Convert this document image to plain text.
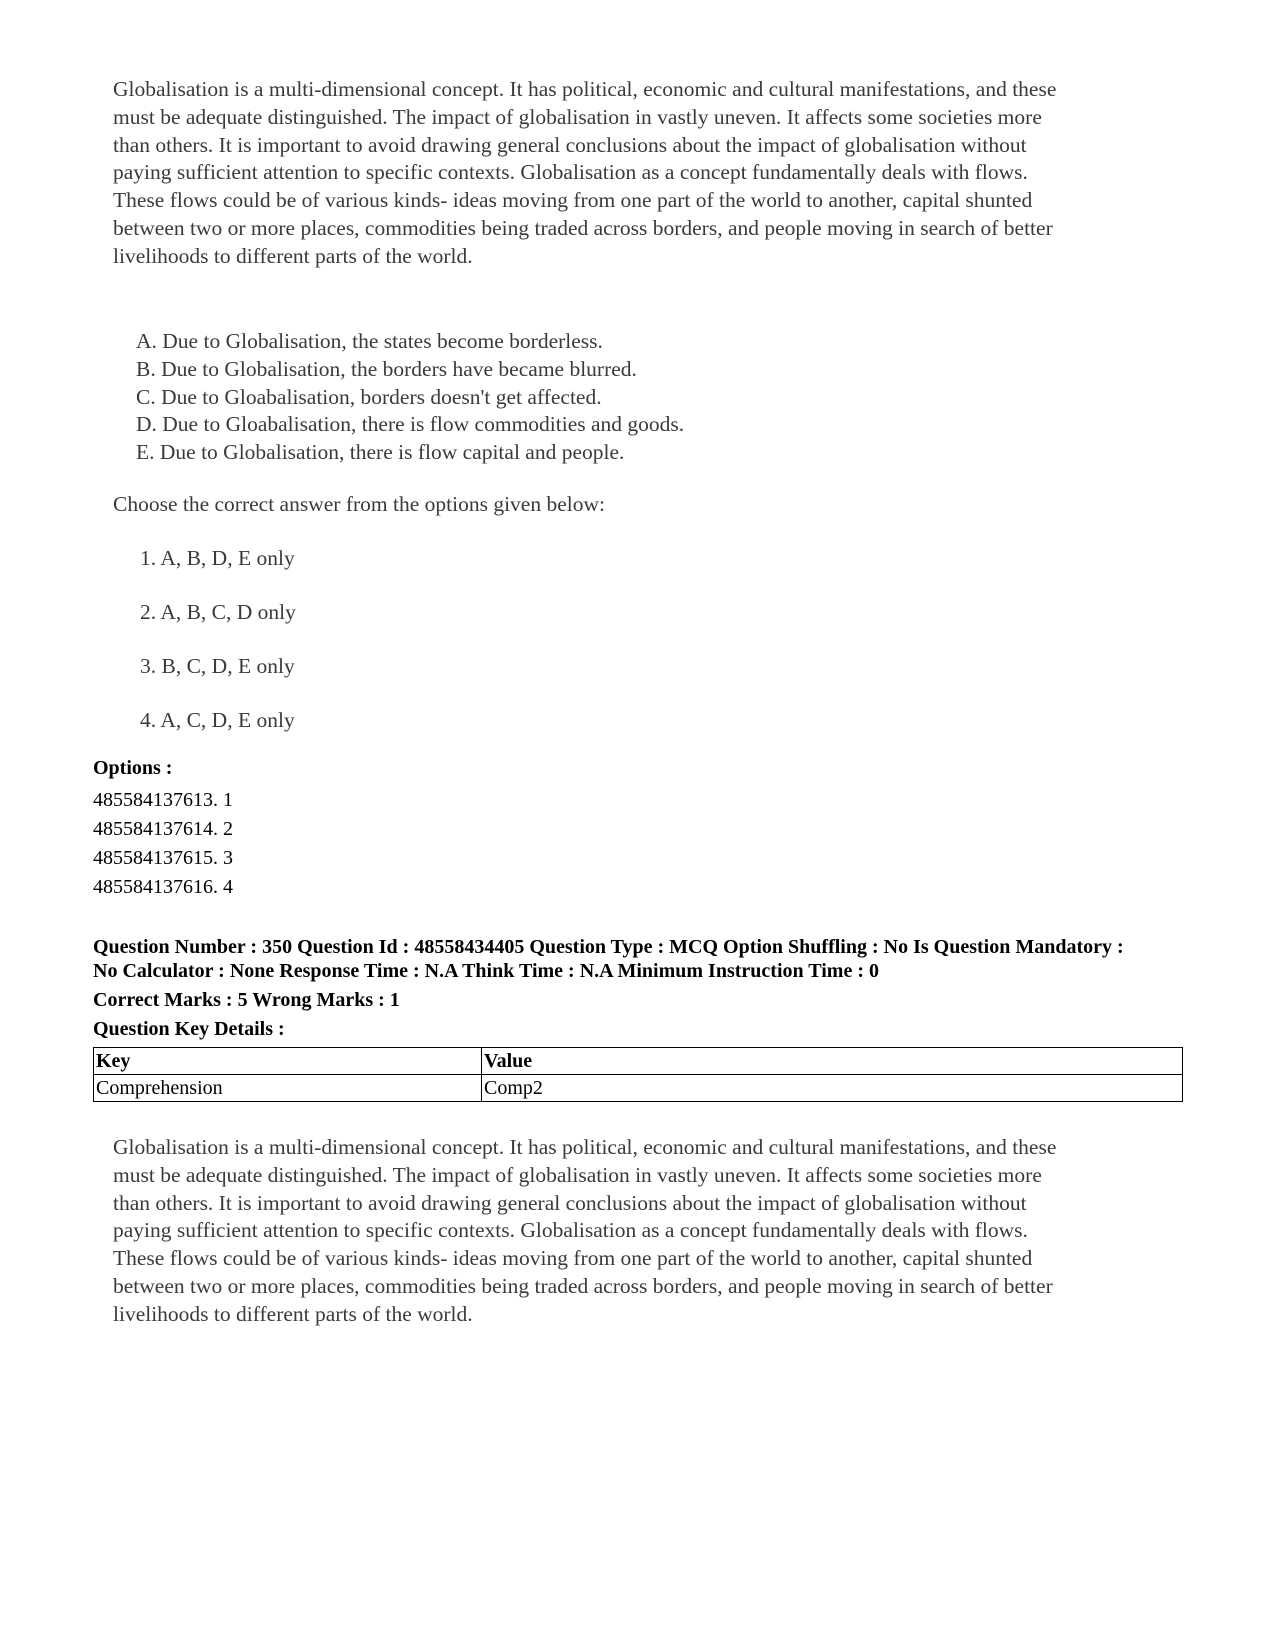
Globalisation is a multi-dimensional concept. It has political, economic and cultural manifestations, and these
must be adequate distinguished. The impact of globalisation in vastly uneven. It affects some societies more
than others. It is important to avoid drawing general conclusions about the impact of globalisation without
paying sufficient attention to specific contexts. Globalisation as a concept fundamentally deals with flows.
These flows could be of various kinds- ideas moving from one part of the world to another, capital shunted
between two or more places, commodities being traded across borders, and people moving in search of better
livelihoods to different parts of the world.
A. Due to Globalisation, the states become borderless.
B. Due to Globalisation, the borders have became blurred.
C. Due to Gloabalisation, borders doesn't get affected.
D. Due to Gloabalisation, there is flow commodities and goods.
E. Due to Globalisation, there is flow capital and people.

Choose the correct answer from the options given below:

1. A, B, D, E only

2. A, B, C, D only

3. B, C, D, E only

4. A, C, D, E only

Options :

485584137613. 1
485584137614. 2
485584137615. 3
485584137616. 4

Question Number : 350 Question Id : 48558434405 Question Type : MCQ Option Shuffling : No Is Question Mandatory :

No Calculator : None Response Time : N.A Think Time : N.A Minimum Instruction Time : 0

Correct Marks : 5 Wrong Marks : 1

Question Key Details :

Key	Value
Comprehension	Comp2
Globalisation is a multi-dimensional concept. It has political, economic and cultural manifestations, and these
must be adequate distinguished. The impact of globalisation in vastly uneven. It affects some societies more
than others. It is important to avoid drawing general conclusions about the impact of globalisation without
paying sufficient attention to specific contexts. Globalisation as a concept fundamentally deals with flows.
These flows could be of various kinds- ideas moving from one part of the world to another, capital shunted
between two or more places, commodities being traded across borders, and people moving in search of better
livelihoods to different parts of the world.
